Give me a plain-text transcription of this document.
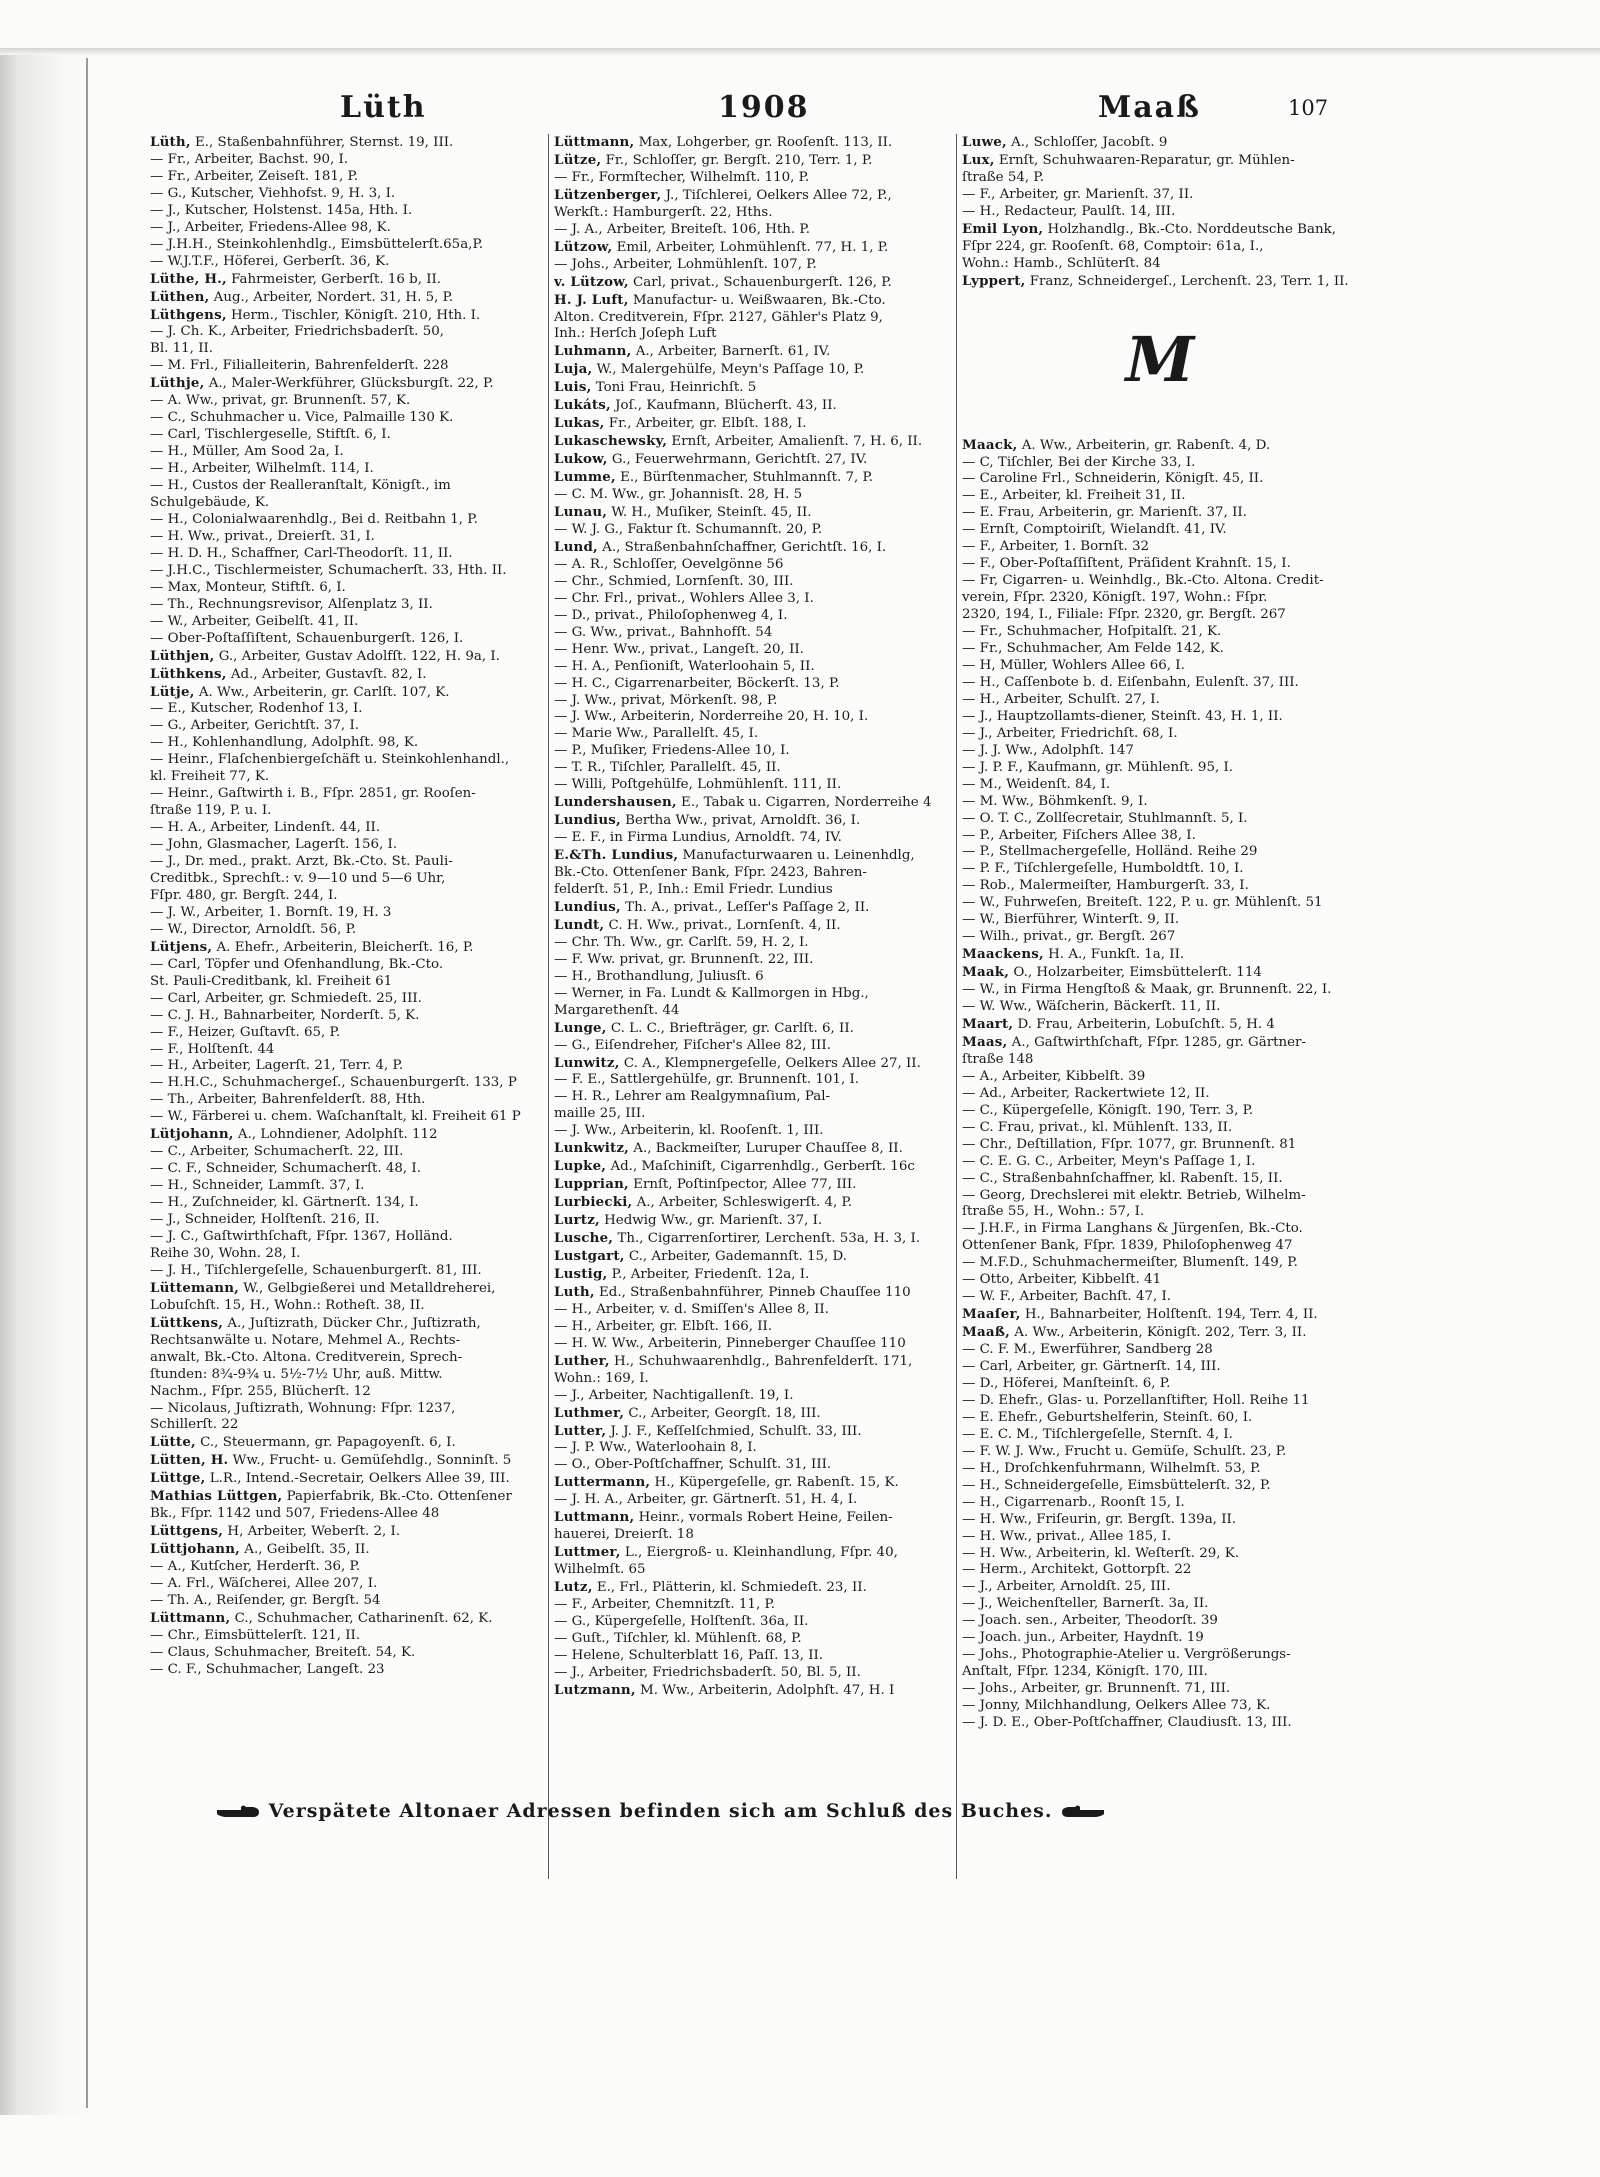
Lüth	1908	Maaß	107
Lüth, E., Staßenbahnführer, Sternst. 19, III.
— Fr., Arbeiter, Bachst. 90, I.
— Fr., Arbeiter, Zeiseſt. 181, P.
— G., Kutscher, Viehhofst. 9, H. 3, I.
— J., Kutscher, Holstenst. 145a, Hth. I.
— J., Arbeiter, Friedens-Allee 98, K.
— J.H.H., Steinkohlenhdlg., Eimsbüttelerſt.65a,P.
— W.J.T.F., Höferei, Gerberſt. 36, K.
Lüthe, H., Fahrmeister, Gerberſt. 16 b, II.
Lüthen, Aug., Arbeiter, Nordert. 31, H. 5, P.
Lüthgens, Herm., Tischler, Königſt. 210, Hth. I.
— J. Ch. K., Arbeiter, Friedrichsbaderſt. 50,
Bl. 11, II.
— M. Frl., Filialleiterin, Bahrenfelderſt. 228
Lüthje, A., Maler-Werkführer, Glücksburgſt. 22, P.
— A. Ww., privat, gr. Brunnenſt. 57, K.
— C., Schuhmacher u. Vice, Palmaille 130 K.
— Carl, Tischlergeselle, Stiftſt. 6, I.
— H., Müller, Am Sood 2a, I.
— H., Arbeiter, Wilhelmſt. 114, I.
— H., Custos der Realleranſtalt, Königſt., im
Schulgebäude, K.
— H., Colonialwaarenhdlg., Bei d. Reitbahn 1, P.
— H. Ww., privat., Dreierſt. 31, I.
— H. D. H., Schaffner, Carl-Theodorſt. 11, II.
— J.H.C., Tischlermeister, Schumacherſt. 33, Hth. II.
— Max, Monteur, Stiftſt. 6, I.
— Th., Rechnungsrevisor, Alſenplatz 3, II.
— W., Arbeiter, Geibelſt. 41, II.
— Ober-Poſtaſſiſtent, Schauenburgerſt. 126, I.
Lüthjen, G., Arbeiter, Gustav Adolfſt. 122, H. 9a, I.
Lüthkens, Ad., Arbeiter, Gustavſt. 82, I.
Lütje, A. Ww., Arbeiterin, gr. Carlſt. 107, K.
— E., Kutscher, Rodenhof 13, I.
— G., Arbeiter, Gerichtſt. 37, I.
— H., Kohlenhandlung, Adolphſt. 98, K.
— Heinr., Flaſchenbiergeſchäft u. Steinkohlenhandl.,
kl. Freiheit 77, K.
— Heinr., Gaſtwirth i. B., Fſpr. 2851, gr. Rooſen-
ſtraße 119, P. u. I.
— H. A., Arbeiter, Lindenſt. 44, II.
— John, Glasmacher, Lagerſt. 156, I.
— J., Dr. med., prakt. Arzt, Bk.-Cto. St. Pauli-
Creditbk., Sprechſt.: v. 9—10 und 5—6 Uhr,
Fſpr. 480, gr. Bergſt. 244, I.
— J. W., Arbeiter, 1. Bornſt. 19, H. 3
— W., Director, Arnoldſt. 56, P.
Lütjens, A. Ehefr., Arbeiterin, Bleicherſt. 16, P.
— Carl, Töpfer und Ofenhandlung, Bk.-Cto.
St. Pauli-Creditbank, kl. Freiheit 61
— Carl, Arbeiter, gr. Schmiedeſt. 25, III.
— C. J. H., Bahnarbeiter, Norderſt. 5, K.
— F., Heizer, Guſtavſt. 65, P.
— F., Holſtenſt. 44
— H., Arbeiter, Lagerſt. 21, Terr. 4, P.
— H.H.C., Schuhmachergeſ., Schauenburgerſt. 133, P
— Th., Arbeiter, Bahrenfelderſt. 88, Hth.
— W., Färberei u. chem. Waſchanſtalt, kl. Freiheit 61 P
Lütjohann, A., Lohndiener, Adolphſt. 112
— C., Arbeiter, Schumacherſt. 22, III.
— C. F., Schneider, Schumacherſt. 48, I.
— H., Schneider, Lammſt. 37, I.
— H., Zuſchneider, kl. Gärtnerſt. 134, I.
— J., Schneider, Holſtenſt. 216, II.
— J. C., Gaſtwirthſchaft, Fſpr. 1367, Holländ.
Reihe 30, Wohn. 28, I.
— J. H., Tiſchlergeſelle, Schauenburgerſt. 81, III.
Lüttemann, W., Gelbgießerei und Metalldreherei,
Lobuſchſt. 15, H., Wohn.: Rotheſt. 38, II.
Lüttkens, A., Juſtizrath, Dücker Chr., Juſtizrath,
Rechtsanwälte u. Notare, Mehmel A., Rechts-
anwalt, Bk.-Cto. Altona. Creditverein, Sprech-
ſtunden: 8¾-9¾ u. 5½-7½ Uhr, auß. Mittw.
Nachm., Fſpr. 255, Blücherſt. 12
— Nicolaus, Juſtizrath, Wohnung: Fſpr. 1237,
Schillerſt. 22
Lütte, C., Steuermann, gr. Papagoyenſt. 6, I.
Lütten, H. Ww., Frucht- u. Gemüſehdlg., Sonninſt. 5
Lüttge, L.R., Intend.-Secretair, Oelkers Allee 39, III.
Mathias Lüttgen, Papierfabrik, Bk.-Cto. Ottenſener
Bk., Fſpr. 1142 und 507, Friedens-Allee 48
Lüttgens, H, Arbeiter, Weberſt. 2, I.
Lüttjohann, A., Geibelſt. 35, II.
— A., Kutſcher, Herderſt. 36, P.
— A. Frl., Wäſcherei, Allee 207, I.
— Th. A., Reiſender, gr. Bergſt. 54
Lüttmann, C., Schuhmacher, Catharinenſt. 62, K.
— Chr., Eimsbüttelerſt. 121, II.
— Claus, Schuhmacher, Breiteſt. 54, K.
— C. F., Schuhmacher, Langeſt. 23
Lüttmann, Max, Lohgerber, gr. Rooſenſt. 113, II.
Lütze, Fr., Schloſſer, gr. Bergſt. 210, Terr. 1, P.
— Fr., Formſtecher, Wilhelmſt. 110, P.
Lützenberger, J., Tiſchlerei, Oelkers Allee 72, P.,
Werkſt.: Hamburgerſt. 22, Hths.
— J. A., Arbeiter, Breiteſt. 106, Hth. P.
Lützow, Emil, Arbeiter, Lohmühlenſt. 77, H. 1, P.
— Johs., Arbeiter, Lohmühlenſt. 107, P.
v. Lützow, Carl, privat., Schauenburgerſt. 126, P.
H. J. Luft, Manufactur- u. Weißwaaren, Bk.-Cto.
Alton. Creditverein, Fſpr. 2127, Gähler's Platz 9,
Inh.: Herſch Joſeph Luft
Luhmann, A., Arbeiter, Barnerſt. 61, IV.
Luja, W., Malergehülfe, Meyn's Paſſage 10, P.
Luis, Toni Frau, Heinrichſt. 5
Lukáts, Joſ., Kaufmann, Blücherſt. 43, II.
Lukas, Fr., Arbeiter, gr. Elbſt. 188, I.
Lukaschewsky, Ernſt, Arbeiter, Amalienſt. 7, H. 6, II.
Lukow, G., Feuerwehrmann, Gerichtſt. 27, IV.
Lumme, E., Bürſtenmacher, Stuhlmannſt. 7, P.
— C. M. Ww., gr. Johannisſt. 28, H. 5
Lunau, W. H., Muſiker, Steinſt. 45, II.
— W. J. G., Faktur ſt. Schumannſt. 20, P.
Lund, A., Straßenbahnſchaffner, Gerichtſt. 16, I.
— A. R., Schloſſer, Oevelgönne 56
— Chr., Schmied, Lornſenſt. 30, III.
— Chr. Frl., privat., Wohlers Allee 3, I.
— D., privat., Philoſophenweg 4, I.
— G. Ww., privat., Bahnhofſt. 54
— Henr. Ww., privat., Langeſt. 20, II.
— H. A., Penſioniſt, Waterloohain 5, II.
— H. C., Cigarrenarbeiter, Böckerſt. 13, P.
— J. Ww., privat, Mörkenſt. 98, P.
— J. Ww., Arbeiterin, Norderreihe 20, H. 10, I.
— Marie Ww., Parallelſt. 45, I.
— P., Muſiker, Friedens-Allee 10, I.
— T. R., Tiſchler, Parallelſt. 45, II.
— Willi, Poſtgehülfe, Lohmühlenſt. 111, II.
Lundershausen, E., Tabak u. Cigarren, Norderreihe 4
Lundius, Bertha Ww., privat, Arnoldſt. 36, I.
— E. F., in Firma Lundius, Arnoldſt. 74, IV.
E.&Th. Lundius, Manufacturwaaren u. Leinenhdlg,
Bk.-Cto. Ottenſener Bank, Fſpr. 2423, Bahren-
felderſt. 51, P., Inh.: Emil Friedr. Lundius
Lundius, Th. A., privat., Leſſer's Paſſage 2, II.
Lundt, C. H. Ww., privat., Lornſenſt. 4, II.
— Chr. Th. Ww., gr. Carlſt. 59, H. 2, I.
— F. Ww. privat, gr. Brunnenſt. 22, III.
— H., Brothandlung, Juliusſt. 6
— Werner, in Fa. Lundt & Kallmorgen in Hbg.,
Margarethenſt. 44
Lunge, C. L. C., Briefträger, gr. Carlſt. 6, II.
— G., Eiſendreher, Fiſcher's Allee 82, III.
Lunwitz, C. A., Klempnergeſelle, Oelkers Allee 27, II.
— F. E., Sattlergehülfe, gr. Brunnenſt. 101, I.
— H. R., Lehrer am Realgymnaſium, Pal-
maille 25, III.
— J. Ww., Arbeiterin, kl. Rooſenſt. 1, III.
Lunkwitz, A., Backmeiſter, Luruper Chauſſee 8, II.
Lupke, Ad., Maſchiniſt, Cigarrenhdlg., Gerberſt. 16c
Lupprian, Ernſt, Poſtinſpector, Allee 77, III.
Lurbiecki, A., Arbeiter, Schleswigerſt. 4, P.
Lurtz, Hedwig Ww., gr. Marienſt. 37, I.
Lusche, Th., Cigarrenſortirer, Lerchenſt. 53a, H. 3, I.
Lustgart, C., Arbeiter, Gademannſt. 15, D.
Lustig, P., Arbeiter, Friedenſt. 12a, I.
Luth, Ed., Straßenbahnführer, Pinneb Chauſſee 110
— H., Arbeiter, v. d. Smiſſen's Allee 8, II.
— H., Arbeiter, gr. Elbſt. 166, II.
— H. W. Ww., Arbeiterin, Pinneberger Chauſſee 110
Luther, H., Schuhwaarenhdlg., Bahrenfelderſt. 171,
Wohn.: 169, I.
— J., Arbeiter, Nachtigallenſt. 19, I.
Luthmer, C., Arbeiter, Georgſt. 18, III.
Lutter, J. J. F., Keſſelſchmied, Schulſt. 33, III.
— J. P. Ww., Waterloohain 8, I.
— O., Ober-Poſtſchaffner, Schulſt. 31, III.
Luttermann, H., Küpergeſelle, gr. Rabenſt. 15, K.
— J. H. A., Arbeiter, gr. Gärtnerſt. 51, H. 4, I.
Luttmann, Heinr., vormals Robert Heine, Feilen-
hauerei, Dreierſt. 18
Luttmer, L., Eiergroß- u. Kleinhandlung, Fſpr. 40,
Wilhelmſt. 65
Lutz, E., Frl., Plätterin, kl. Schmiedeſt. 23, II.
— F., Arbeiter, Chemnitzſt. 11, P.
— G., Küpergeſelle, Holſtenſt. 36a, II.
— Guſt., Tiſchler, kl. Mühlenſt. 68, P.
— Helene, Schulterblatt 16, Paſſ. 13, II.
— J., Arbeiter, Friedrichsbaderſt. 50, Bl. 5, II.
Lutzmann, M. Ww., Arbeiterin, Adolphſt. 47, H. I
Luwe, A., Schloſſer, Jacobſt. 9
Lux, Ernſt, Schuhwaaren-Reparatur, gr. Mühlen-
ſtraße 54, P.
— F., Arbeiter, gr. Marienſt. 37, II.
— H., Redacteur, Paulſt. 14, III.
Emil Lyon, Holzhandlg., Bk.-Cto. Norddeutsche Bank,
Fſpr 224, gr. Rooſenſt. 68, Comptoir: 61a, I.,
Wohn.: Hamb., Schlüterſt. 84
Lyppert, Franz, Schneidergeſ., Lerchenſt. 23, Terr. 1, II.
M
Maack, A. Ww., Arbeiterin, gr. Rabenſt. 4, D.
— C, Tiſchler, Bei der Kirche 33, I.
— Caroline Frl., Schneiderin, Königſt. 45, II.
— E., Arbeiter, kl. Freiheit 31, II.
— E. Frau, Arbeiterin, gr. Marienſt. 37, II.
— Ernſt, Comptoiriſt, Wielandſt. 41, IV.
— F., Arbeiter, 1. Bornſt. 32
— F., Ober-Poſtaſſiſtent, Präſident Krahnſt. 15, I.
— Fr, Cigarren- u. Weinhdlg., Bk.-Cto. Altona. Credit-
verein, Fſpr. 2320, Königſt. 197, Wohn.: Fſpr.
2320, 194, I., Filiale: Fſpr. 2320, gr. Bergſt. 267
— Fr., Schuhmacher, Hoſpitalſt. 21, K.
— Fr., Schuhmacher, Am Felde 142, K.
— H, Müller, Wohlers Allee 66, I.
— H., Caſſenbote b. d. Eiſenbahn, Eulenſt. 37, III.
— H., Arbeiter, Schulſt. 27, I.
— J., Hauptzollamts-diener, Steinſt. 43, H. 1, II.
— J., Arbeiter, Friedrichſt. 68, I.
— J. J. Ww., Adolphſt. 147
— J. P. F., Kaufmann, gr. Mühlenſt. 95, I.
— M., Weidenſt. 84, I.
— M. Ww., Böhmkenſt. 9, I.
— O. T. C., Zollſecretair, Stuhlmannſt. 5, I.
— P., Arbeiter, Fiſchers Allee 38, I.
— P., Stellmachergeſelle, Holländ. Reihe 29
— P. F., Tiſchlergeſelle, Humboldtſt. 10, I.
— Rob., Malermeiſter, Hamburgerſt. 33, I.
— W., Fuhrweſen, Breiteſt. 122, P. u. gr. Mühlenſt. 51
— W., Bierführer, Winterſt. 9, II.
— Wilh., privat., gr. Bergſt. 267
Maackens, H. A., Funkſt. 1a, II.
Maak, O., Holzarbeiter, Eimsbüttelerſt. 114
— W., in Firma Hengſtoß & Maak, gr. Brunnenſt. 22, I.
— W. Ww., Wäſcherin, Bäckerſt. 11, II.
Maart, D. Frau, Arbeiterin, Lobuſchſt. 5, H. 4
Maas, A., Gaſtwirthſchaft, Fſpr. 1285, gr. Gärtner-
ſtraße 148
— A., Arbeiter, Kibbelſt. 39
— Ad., Arbeiter, Rackertwiete 12, II.
— C., Küpergeſelle, Königſt. 190, Terr. 3, P.
— C. Frau, privat., kl. Mühlenſt. 133, II.
— Chr., Deſtillation, Fſpr. 1077, gr. Brunnenſt. 81
— C. E. G. C., Arbeiter, Meyn's Paſſage 1, I.
— C., Straßenbahnſchaffner, kl. Rabenſt. 15, II.
— Georg, Drechslerei mit elektr. Betrieb, Wilhelm-
ſtraße 55, H., Wohn.: 57, I.
— J.H.F., in Firma Langhans & Jürgenſen, Bk.-Cto.
Ottenſener Bank, Fſpr. 1839, Philoſophenweg 47
— M.F.D., Schuhmachermeiſter, Blumenſt. 149, P.
— Otto, Arbeiter, Kibbelſt. 41
— W. F., Arbeiter, Bachſt. 47, I.
Maaſer, H., Bahnarbeiter, Holſtenſt. 194, Terr. 4, II.
Maaß, A. Ww., Arbeiterin, Königſt. 202, Terr. 3, II.
— C. F. M., Ewerführer, Sandberg 28
— Carl, Arbeiter, gr. Gärtnerſt. 14, III.
— D., Höferei, Manſteinſt. 6, P.
— D. Ehefr., Glas- u. Porzellanſtifter, Holl. Reihe 11
— E. Ehefr., Geburtshelferin, Steinſt. 60, I.
— E. C. M., Tiſchlergeſelle, Sternſt. 4, I.
— F. W. J. Ww., Frucht u. Gemüſe, Schulſt. 23, P.
— H., Droſchkenfuhrmann, Wilhelmſt. 53, P.
— H., Schneidergeſelle, Eimsbüttelerſt. 32, P.
— H., Cigarrenarb., Roonſt 15, I.
— H. Ww., Friſeurin, gr. Bergſt. 139a, II.
— H. Ww., privat., Allee 185, I.
— H. Ww., Arbeiterin, kl. Weſterſt. 29, K.
— Herm., Architekt, Gottorpſt. 22
— J., Arbeiter, Arnoldſt. 25, III.
— J., Weichenſteller, Barnerſt. 3a, II.
— Joach. sen., Arbeiter, Theodorſt. 39
— Joach. jun., Arbeiter, Haydnſt. 19
— Johs., Photographie-Atelier u. Vergrößerungs-
Anſtalt, Fſpr. 1234, Königſt. 170, III.
— Johs., Arbeiter, gr. Brunnenſt. 71, III.
— Jonny, Milchhandlung, Oelkers Allee 73, K.
— J. D. E., Ober-Poſtſchaffner, Claudiusſt. 13, III.
Verspätete Altonaer Adressen befinden sich am Schluß des Buches.
